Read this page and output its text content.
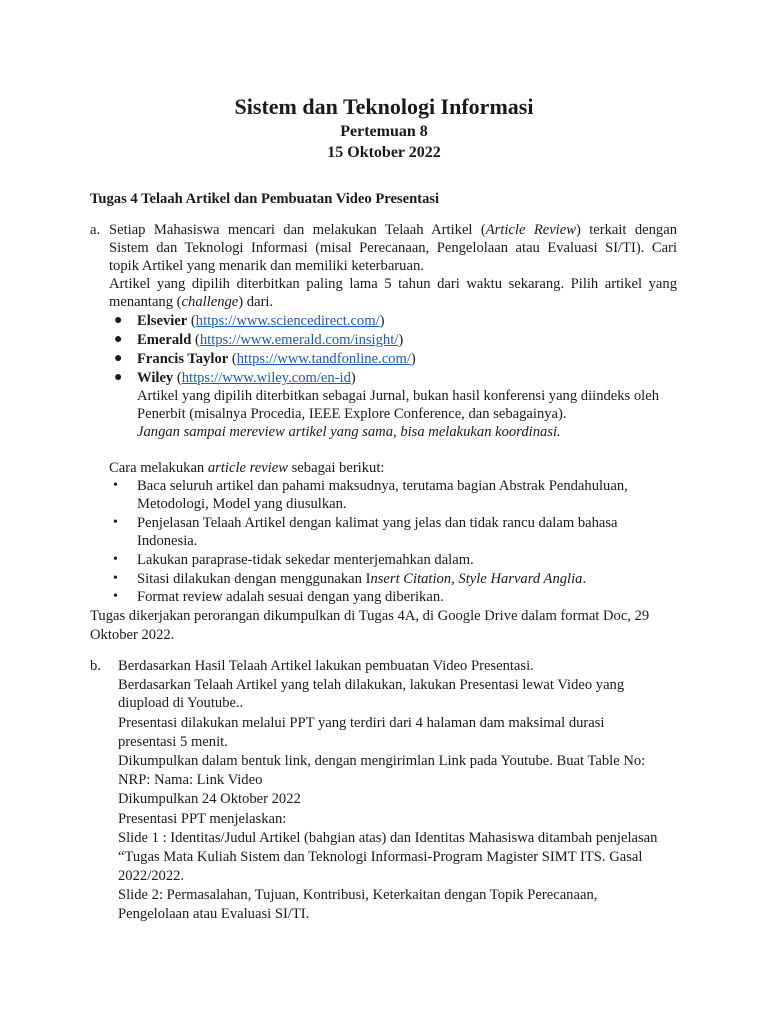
Sistem dan Teknologi Informasi
Pertemuan 8
15 Oktober 2022
Tugas 4 Telaah Artikel dan Pembuatan Video Presentasi
a. Setiap Mahasiswa mencari dan melakukan Telaah Artikel (Article Review) terkait dengan
Sistem dan Teknologi Informasi (misal Perecanaan, Pengelolaan atau Evaluasi SI/TI). Cari
topik Artikel yang menarik dan memiliki keterbaruan.
Artikel yang dipilih diterbitkan paling lama 5 tahun dari waktu sekarang. Pilih artikel yang
menantang (challenge) dari.
● Elsevier (https://www.sciencedirect.com/)
● Emerald (https://www.emerald.com/insight/)
● Francis Taylor (https://www.tandfonline.com/)
● Wiley (https://www.wiley.com/en-id)
Artikel yang dipilih diterbitkan sebagai Jurnal, bukan hasil konferensi yang diindeks oleh
Penerbit (misalnya Procedia, IEEE Explore Conference, dan sebagainya).
Jangan sampai mereview artikel yang sama, bisa melakukan koordinasi.
Cara melakukan article review sebagai berikut:
• Baca seluruh artikel dan pahami maksudnya, terutama bagian Abstrak Pendahuluan,
Metodologi, Model yang diusulkan.
• Penjelasan Telaah Artikel dengan kalimat yang jelas dan tidak rancu dalam bahasa
Indonesia.
• Lakukan paraprase-tidak sekedar menterjemahkan dalam.
• Sitasi dilakukan dengan menggunakan Insert Citation, Style Harvard Anglia.
• Format review adalah sesuai dengan yang diberikan.
Tugas dikerjakan perorangan dikumpulkan di Tugas 4A, di Google Drive dalam format Doc, 29
Oktober 2022.
b. Berdasarkan Hasil Telaah Artikel lakukan pembuatan Video Presentasi.
Berdasarkan Telaah Artikel yang telah dilakukan, lakukan Presentasi lewat Video yang
diupload di Youtube..
Presentasi dilakukan melalui PPT yang terdiri dari 4 halaman dam maksimal durasi
presentasi 5 menit.
Dikumpulkan dalam bentuk link, dengan mengirimlan Link pada Youtube. Buat Table No:
NRP: Nama: Link Video
Dikumpulkan 24 Oktober 2022
Presentasi PPT menjelaskan:
Slide 1 : Identitas/Judul Artikel (bahgian atas) dan Identitas Mahasiswa ditambah penjelasan
“Tugas Mata Kuliah Sistem dan Teknologi Informasi-Program Magister SIMT ITS. Gasal
2022/2022.
Slide 2: Permasalahan, Tujuan, Kontribusi, Keterkaitan dengan Topik Perecanaan,
Pengelolaan atau Evaluasi SI/TI.
